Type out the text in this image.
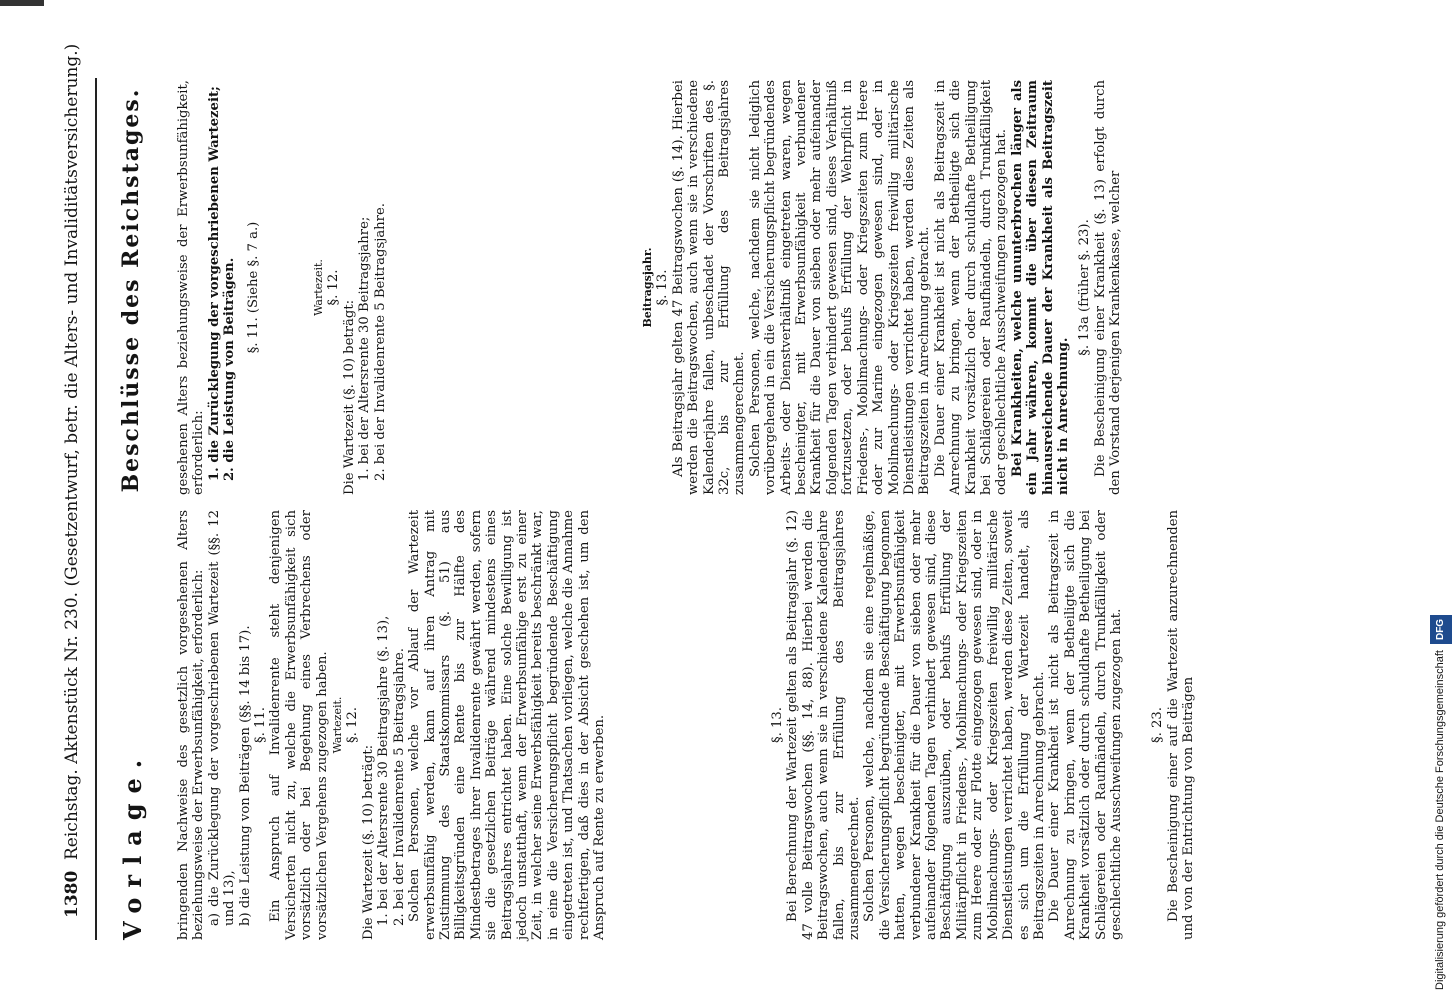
1380
Reichstag. Aktenstück Nr. 230. (Gesetzentwurf, betr. die Alters- und Invaliditätsversicherung.) Vorlage. bringenden Nachweise des gesetzlich vorgesehenen Alters beziehungsweise der Erwerbsunfähigkeit, erforderlich: a) die Zurücklegung der vorgeschriebenen Wartezeit (§§. 12 und 13), b) die Leistung von Beiträgen (§§. 14 bis 17). §. 11. Ein Anspruch auf Invalidenrente steht denjenigen Versicherten nicht zu, welche die Erwerbsunfähigkeit sich vorsätzlich oder bei Begehung eines Verbrechens oder vorsätzlichen Vergehens zugezogen haben. Wartezeit. §. 12.

Die Wartezeit (§. 10) beträgt: 1. bei der Altersrente 30 Beitragsjahre (§. 13), 2. bei der Invalidenrente 5 Beitragsjahre. Solchen Personen, welche vor Ablauf der Wartezeit erwerbsunfähig werden, kann auf ihren Antrag mit Zustimmung des Staatskommissars (§. 51) aus Billigkeitsgründen eine Rente bis zur Hälfte des Mindestbetrages ihrer Invalidenrente gewährt werden, sofern sie die gesetzlichen Beiträge während mindestens eines Beitragsjahres entrichtet haben. Eine solche Bewilligung ist jedoch unstatthaft, wenn der Erwerbsunfähige erst zu einer Zeit, in welcher seine Erwerbsfähigkeit bereits beschränkt war, in eine die Versicherungspflicht begründende Beschäftigung eingetreten ist, und Thatsachen vorliegen, welche die Annahme rechtfertigen, daß dies in der Absicht geschehen ist, um den Anspruch auf Rente zu erwerben.	§. 13. Bei Berechnung der Wartezeit gelten als Beitragsjahr (§. 12) 47 volle Beitragswochen (§§. 14, 88). Hierbei werden die Beitragswochen, auch wenn sie in verschiedene Kalenderjahre fallen, bis zur Erfüllung des Beitragsjahres zusammengerechnet. Solchen Personen, welche, nachdem sie eine regelmäßige, die Versicherungspflicht begründende Beschäftigung begonnen hatten, wegen bescheinigter, mit Erwerbsunfähigkeit verbundener Krankheit für die Dauer von sieben oder mehr aufeinander folgenden Tagen verhindert gewesen sind, diese Beschäftigung auszuüben, oder behufs Erfüllung der Militärpflicht in Friedens-, Mobilmachungs- oder Kriegszeiten zum Heere oder zur Flotte eingezogen gewesen sind, oder in Mobilmachungs- oder Kriegszeiten freiwillig militärische Dienstleistungen verrichtet haben, werden diese Zeiten, soweit es sich um die Erfüllung der Wartezeit handelt, als Beitragszeiten in Anrechnung gebracht. Die Dauer einer Krankheit ist nicht als Beitragszeit in Anrechnung zu bringen, wenn der Betheiligte sich die Krankheit vorsätzlich oder durch schuldhafte Betheiligung bei Schlägereien oder Raufhändeln, durch Trunkfälligkeit oder geschlechtliche Ausschweifungen zugezogen hat. §. 23. Die Bescheinigung einer auf die Wartezeit anzurechnenden und von der Entrichtung von Beiträgen

Beschlüsse des Reichstages. gesehenen Alters beziehungsweise der Erwerbsunfähigkeit, erforderlich: 1. die Zurücklegung der vorgeschriebenen Wartezeit; 2. die Leistung von Beiträgen. §. 11. (Siehe §. 7 a.)	Wartezeit. §. 12.

Die Wartezeit (§. 10) beträgt: 1. bei der Altersrente 30 Beitragsjahre; 2. bei der Invalidenrente 5 Beitragsjahre.	Beitragsjahr. §. 13. Als Beitragsjahr gelten 47 Beitragswochen (§. 14). Hierbei werden die Beitragswochen, auch wenn sie in verschiedene Kalenderjahre fallen, unbeschadet der Vorschriften des §. 32c, bis zur Erfüllung des Beitragsjahres zusammengerechnet. Solchen Personen, welche, nachdem sie nicht lediglich vorübergehend in ein die Versicherungspflicht begründendes Arbeits- oder Dienstverhältniß eingetreten waren, wegen bescheinigter, mit Erwerbsunfähigkeit verbundener Krankheit für die Dauer von sieben oder mehr aufeinander folgenden Tagen verhindert gewesen sind, dieses Verhältniß fortzusetzen, oder behufs Erfüllung der Wehrpflicht in Friedens-, Mobilmachungs- oder Kriegszeiten zum Heere oder zur Marine eingezogen gewesen sind, oder in Mobilmachungs- oder Kriegszeiten freiwillig militärische Dienstleistungen verrichtet haben, werden diese Zeiten als Beitragszeiten in Anrechnung gebracht. Die Dauer einer Krankheit ist nicht als Beitragszeit in Anrechnung zu bringen, wenn der Betheiligte sich die Krankheit vorsätzlich oder durch schuldhafte Betheiligung bei Schlägereien oder Raufhändeln, durch Trunkfälligkeit oder geschlechtliche Ausschweifungen zugezogen hat. Bei Krankheiten, welche ununterbrochen länger als ein Jahr währen, kommt die über diesen Zeitraum hinausreichende Dauer der Krankheit als Beitragszeit nicht in Anrechnung.

§. 13a (früher §. 23). Die Bescheinigung einer Krankheit (§. 13) erfolgt durch den Vorstand derjenigen Krankenkasse, welcher

Digitalisierung gefördert durch die Deutsche ForschungsgemeinschaftDFG
